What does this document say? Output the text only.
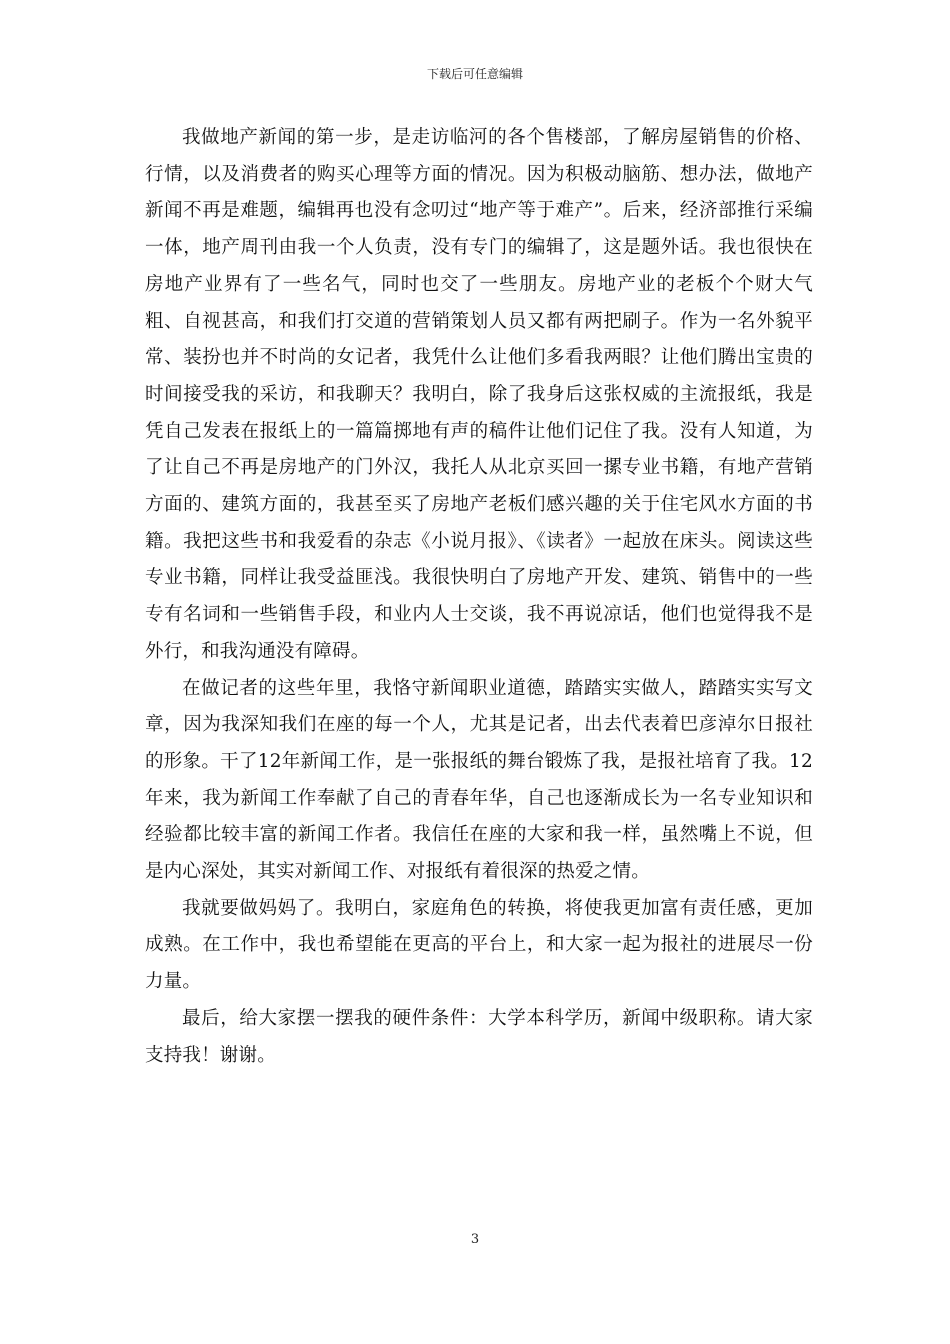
下载后可任意编辑

我做地产新闻的第一步，是走访临河的各个售楼部，了解房屋销售的价格、行情，以及消费者的购买心理等方面的情况。因为积极动脑筋、想办法，做地产新闻不再是难题，编辑再也没有念叨过“地产等于难产”。后来，经济部推行采编一体，地产周刊由我一个人负责，没有专门的编辑了，这是题外话。我也很快在房地产业界有了一些名气，同时也交了一些朋友。房地产业的老板个个财大气粗、自视甚高，和我们打交道的营销策划人员又都有两把刷子。作为一名外貌平常、装扮也并不时尚的女记者，我凭什么让他们多看我两眼？让他们腾出宝贵的时间接受我的采访，和我聊天？我明白，除了我身后这张权威的主流报纸，我是凭自己发表在报纸上的一篇篇掷地有声的稿件让他们记住了我。没有人知道，为了让自己不再是房地产的门外汉，我托人从北京买回一摞专业书籍，有地产营销方面的、建筑方面的，我甚至买了房地产老板们感兴趣的关于住宅风水方面的书籍。我把这些书和我爱看的杂志《小说月报》、《读者》一起放在床头。阅读这些专业书籍，同样让我受益匪浅。我很快明白了房地产开发、建筑、销售中的一些专有名词和一些销售手段，和业内人士交谈，我不再说凉话，他们也觉得我不是外行，和我沟通没有障碍。

在做记者的这些年里，我恪守新闻职业道德，踏踏实实做人，踏踏实实写文章，因为我深知我们在座的每一个人，尤其是记者，出去代表着巴彦淖尔日报社的形象。干了12年新闻工作，是一张报纸的舞台锻炼了我，是报社培育了我。12年来，我为新闻工作奉献了自己的青春年华，自己也逐渐成长为一名专业知识和经验都比较丰富的新闻工作者。我信任在座的大家和我一样，虽然嘴上不说，但是内心深处，其实对新闻工作、对报纸有着很深的热爱之情。

我就要做妈妈了。我明白，家庭角色的转换，将使我更加富有责任感，更加成熟。在工作中，我也希望能在更高的平台上，和大家一起为报社的进展尽一份力量。

最后，给大家摆一摆我的硬件条件：大学本科学历，新闻中级职称。请大家支持我！谢谢。

3
